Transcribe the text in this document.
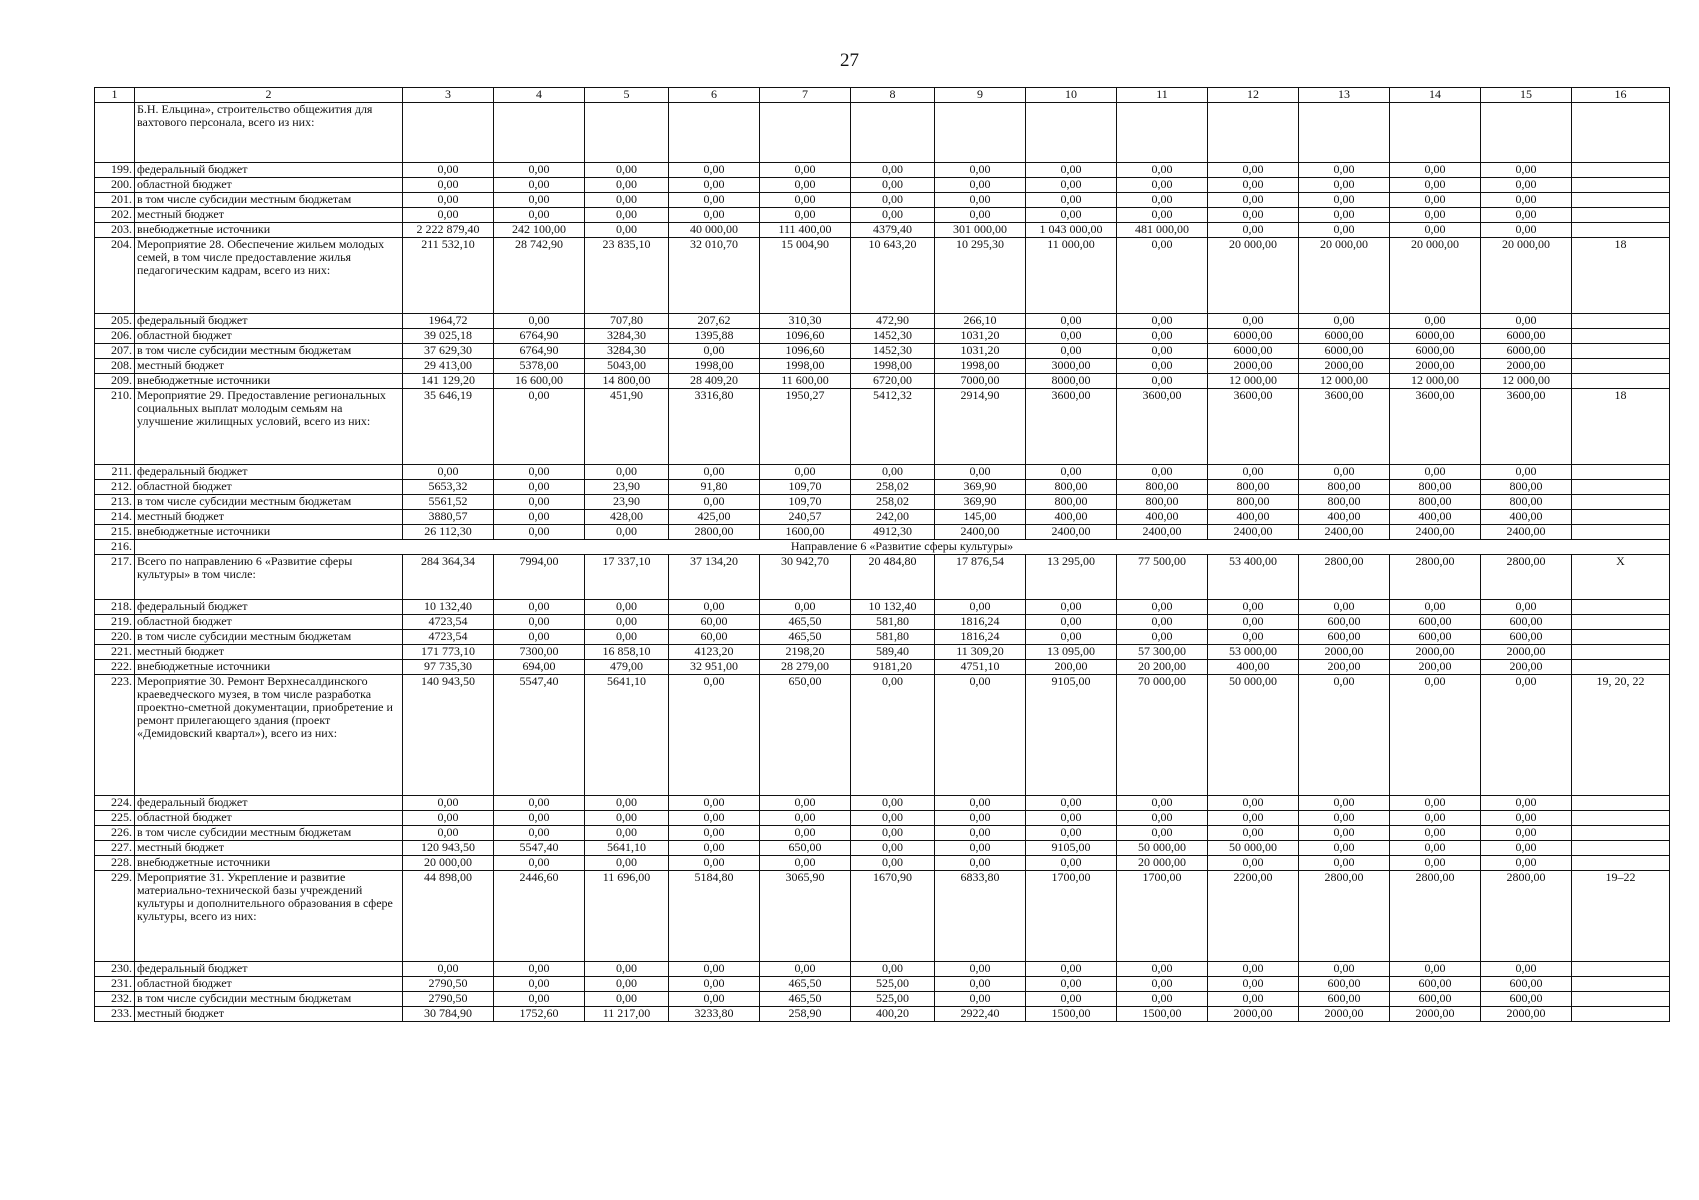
27
1	2	3	4	5	6	7	8	9	10	11	12	13	14	15	16
	Б.Н. Ельцина», строительство общежития для вахтового персонала, всего из них:														
199.	федеральный бюджет	0,00	0,00	0,00	0,00	0,00	0,00	0,00	0,00	0,00	0,00	0,00	0,00	0,00	
200.	областной бюджет	0,00	0,00	0,00	0,00	0,00	0,00	0,00	0,00	0,00	0,00	0,00	0,00	0,00	
201.	в том числе субсидии местным бюджетам	0,00	0,00	0,00	0,00	0,00	0,00	0,00	0,00	0,00	0,00	0,00	0,00	0,00	
202.	местный бюджет	0,00	0,00	0,00	0,00	0,00	0,00	0,00	0,00	0,00	0,00	0,00	0,00	0,00	
203.	внебюджетные источники	2 222 879,40	242 100,00	0,00	40 000,00	111 400,00	4379,40	301 000,00	1 043 000,00	481 000,00	0,00	0,00	0,00	0,00	
204.	Мероприятие 28. Обеспечение жильем молодых семей, в том числе предоставление жилья педагогическим кадрам, всего из них:	211 532,10	28 742,90	23 835,10	32 010,70	15 004,90	10 643,20	10 295,30	11 000,00	0,00	20 000,00	20 000,00	20 000,00	20 000,00	18
205.	федеральный бюджет	1964,72	0,00	707,80	207,62	310,30	472,90	266,10	0,00	0,00	0,00	0,00	0,00	0,00	
206.	областной бюджет	39 025,18	6764,90	3284,30	1395,88	1096,60	1452,30	1031,20	0,00	0,00	6000,00	6000,00	6000,00	6000,00	
207.	в том числе субсидии местным бюджетам	37 629,30	6764,90	3284,30	0,00	1096,60	1452,30	1031,20	0,00	0,00	6000,00	6000,00	6000,00	6000,00	
208.	местный бюджет	29 413,00	5378,00	5043,00	1998,00	1998,00	1998,00	1998,00	3000,00	0,00	2000,00	2000,00	2000,00	2000,00	
209.	внебюджетные источники	141 129,20	16 600,00	14 800,00	28 409,20	11 600,00	6720,00	7000,00	8000,00	0,00	12 000,00	12 000,00	12 000,00	12 000,00	
210.	Мероприятие 29. Предоставление региональных социальных выплат молодым семьям на улучшение жилищных условий, всего из них:	35 646,19	0,00	451,90	3316,80	1950,27	5412,32	2914,90	3600,00	3600,00	3600,00	3600,00	3600,00	3600,00	18
211.	федеральный бюджет	0,00	0,00	0,00	0,00	0,00	0,00	0,00	0,00	0,00	0,00	0,00	0,00	0,00	
212.	областной бюджет	5653,32	0,00	23,90	91,80	109,70	258,02	369,90	800,00	800,00	800,00	800,00	800,00	800,00	
213.	в том числе субсидии местным бюджетам	5561,52	0,00	23,90	0,00	109,70	258,02	369,90	800,00	800,00	800,00	800,00	800,00	800,00	
214.	местный бюджет	3880,57	0,00	428,00	425,00	240,57	242,00	145,00	400,00	400,00	400,00	400,00	400,00	400,00	
215.	внебюджетные источники	26 112,30	0,00	0,00	2800,00	1600,00	4912,30	2400,00	2400,00	2400,00	2400,00	2400,00	2400,00	2400,00	
216.	Направление 6 «Развитие сферы культуры»														
217.	Всего по направлению 6 «Развитие сферы культуры» в том числе:	284 364,34	7994,00	17 337,10	37 134,20	30 942,70	20 484,80	17 876,54	13 295,00	77 500,00	53 400,00	2800,00	2800,00	2800,00	X
218.	федеральный бюджет	10 132,40	0,00	0,00	0,00	0,00	10 132,40	0,00	0,00	0,00	0,00	0,00	0,00	0,00	
219.	областной бюджет	4723,54	0,00	0,00	60,00	465,50	581,80	1816,24	0,00	0,00	0,00	600,00	600,00	600,00	
220.	в том числе субсидии местным бюджетам	4723,54	0,00	0,00	60,00	465,50	581,80	1816,24	0,00	0,00	0,00	600,00	600,00	600,00	
221.	местный бюджет	171 773,10	7300,00	16 858,10	4123,20	2198,20	589,40	11 309,20	13 095,00	57 300,00	53 000,00	2000,00	2000,00	2000,00	
222.	внебюджетные источники	97 735,30	694,00	479,00	32 951,00	28 279,00	9181,20	4751,10	200,00	20 200,00	400,00	200,00	200,00	200,00	
223.	Мероприятие 30. Ремонт Верхнесалдинского краеведческого музея, в том числе разработка проектно-сметной документации, приобретение и ремонт прилегающего здания (проект «Демидовский квартал»), всего из них:	140 943,50	5547,40	5641,10	0,00	650,00	0,00	0,00	9105,00	70 000,00	50 000,00	0,00	0,00	0,00	19, 20, 22
224.	федеральный бюджет	0,00	0,00	0,00	0,00	0,00	0,00	0,00	0,00	0,00	0,00	0,00	0,00	0,00	
225.	областной бюджет	0,00	0,00	0,00	0,00	0,00	0,00	0,00	0,00	0,00	0,00	0,00	0,00	0,00	
226.	в том числе субсидии местным бюджетам	0,00	0,00	0,00	0,00	0,00	0,00	0,00	0,00	0,00	0,00	0,00	0,00	0,00	
227.	местный бюджет	120 943,50	5547,40	5641,10	0,00	650,00	0,00	0,00	9105,00	50 000,00	50 000,00	0,00	0,00	0,00	
228.	внебюджетные источники	20 000,00	0,00	0,00	0,00	0,00	0,00	0,00	0,00	20 000,00	0,00	0,00	0,00	0,00	
229.	Мероприятие 31. Укрепление и развитие материально-технической базы учреждений культуры и дополнительного образования в сфере культуры, всего из них:	44 898,00	2446,60	11 696,00	5184,80	3065,90	1670,90	6833,80	1700,00	1700,00	2200,00	2800,00	2800,00	2800,00	19–22
230.	федеральный бюджет	0,00	0,00	0,00	0,00	0,00	0,00	0,00	0,00	0,00	0,00	0,00	0,00	0,00	
231.	областной бюджет	2790,50	0,00	0,00	0,00	465,50	525,00	0,00	0,00	0,00	0,00	600,00	600,00	600,00	
232.	в том числе субсидии местным бюджетам	2790,50	0,00	0,00	0,00	465,50	525,00	0,00	0,00	0,00	0,00	600,00	600,00	600,00	
233.	местный бюджет	30 784,90	1752,60	11 217,00	3233,80	258,90	400,20	2922,40	1500,00	1500,00	2000,00	2000,00	2000,00	2000,00	
